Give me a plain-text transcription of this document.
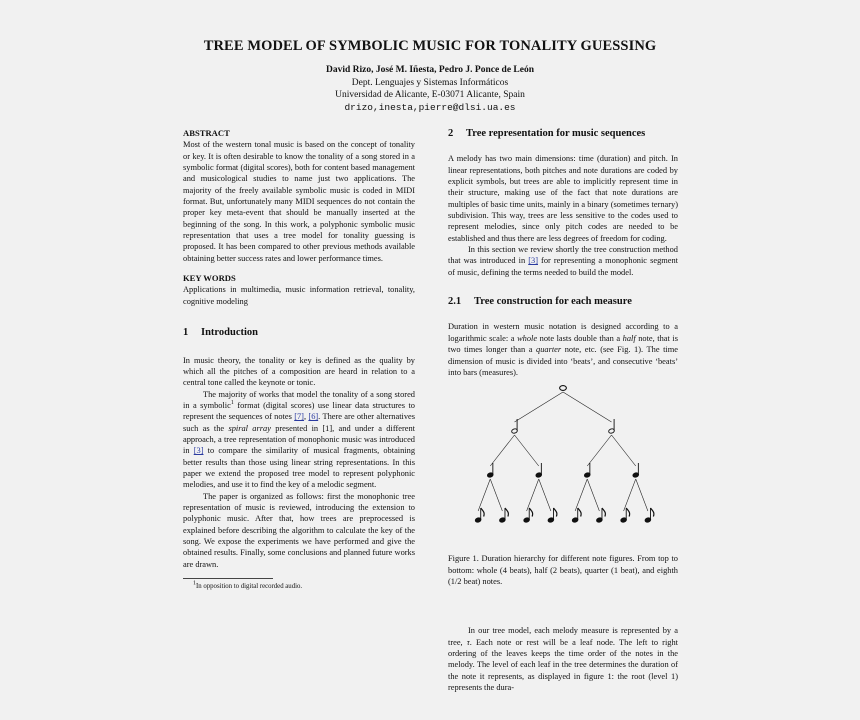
TREE MODEL OF SYMBOLIC MUSIC FOR TONALITY GUESSING
David Rizo, José M. Iñesta, Pedro J. Ponce de León
Dept. Lenguajes y Sistemas Informáticos
Universidad de Alicante, E-03071 Alicante, Spain
drizo,inesta,pierre@dlsi.ua.es

ABSTRACT

Most of the western tonal music is based on the concept of tonality or key. It is often desirable to know the tonality of a song stored in a symbolic format (digital scores), both for content based management and musicological studies to name just two applications. The majority of the freely available symbolic music is coded in MIDI format. But, unfortunately many MIDI sequences do not contain the proper key meta-event that should be manually inserted at the beginning of the song. In this work, a polyphonic symbolic music representation that uses a tree model for tonality guessing is proposed. It has been compared to other previous methods available obtaining better success rates and lower performance times.

KEY WORDS

Applications in multimedia, music information retrieval, tonality, cognitive modeling

1 Introduction

In music theory, the tonality or key is defined as the quality by which all the pitches of a composition are heard in relation to a central tone called the keynote or tonic.

The majority of works that model the tonality of a song stored in a symbolic$^1$ format (digital scores) use linear data structures to represent the sequences of notes [7], [6]. There are other alternatives such as the spiral array presented in [1], and under a different approach, a tree representation of monophonic music was introduced in [3] to compare the similarity of musical fragments, obtaining better results than those using linear string representations. In this paper we extend the proposed tree model to represent polyphonic melodies, and use it to find the key of a melodic segment.

The paper is organized as follows: first the monophonic tree representation of music is reviewed, introducing the extension to polyphonic music. After that, how trees are preprocessed is explained before describing the algorithm to calculate the key of the song. We expose the experiments we have performed and give the obtained results. Finally, some conclusions and planned future works are drawn.

$^1$In opposition to digital recorded audio.

2 Tree representation for music sequences

A melody has two main dimensions: time (duration) and pitch. In linear representations, both pitches and note durations are coded by explicit symbols, but trees are able to implicitly represent time in their structure, making use of the fact that note durations are multiples of basic time units, mainly in a binary (sometimes ternary) subdivision. This way, trees are less sensitive to the codes used to represent melodies, since only pitch codes are needed to be established and thus there are less degrees of freedom for coding.

In this section we review shortly the tree construction method that was introduced in [3] for representing a monophonic segment of music, defining the terms needed to build the model.

2.1 Tree construction for each measure

Duration in western music notation is designed according to a logarithmic scale: a whole note lasts double than a half note, that is two times longer than a quarter note, etc. (see Fig. 1). The time dimension of music is divided into ‘beats’, and consecutive ‘beats’ into bars (measures).

Figure 1. Duration hierarchy for different note figures. From top to bottom: whole (4 beats), half (2 beats), quarter (1 beat), and eighth (1/2 beat) notes.

In our tree model, each melody measure is represented by a tree, τ. Each note or rest will be a leaf node. The left to right ordering of the leaves keeps the time order of the notes in the melody. The level of each leaf in the tree determines the duration of the note it represents, as displayed in figure 1: the root (level 1) represents the dura-
